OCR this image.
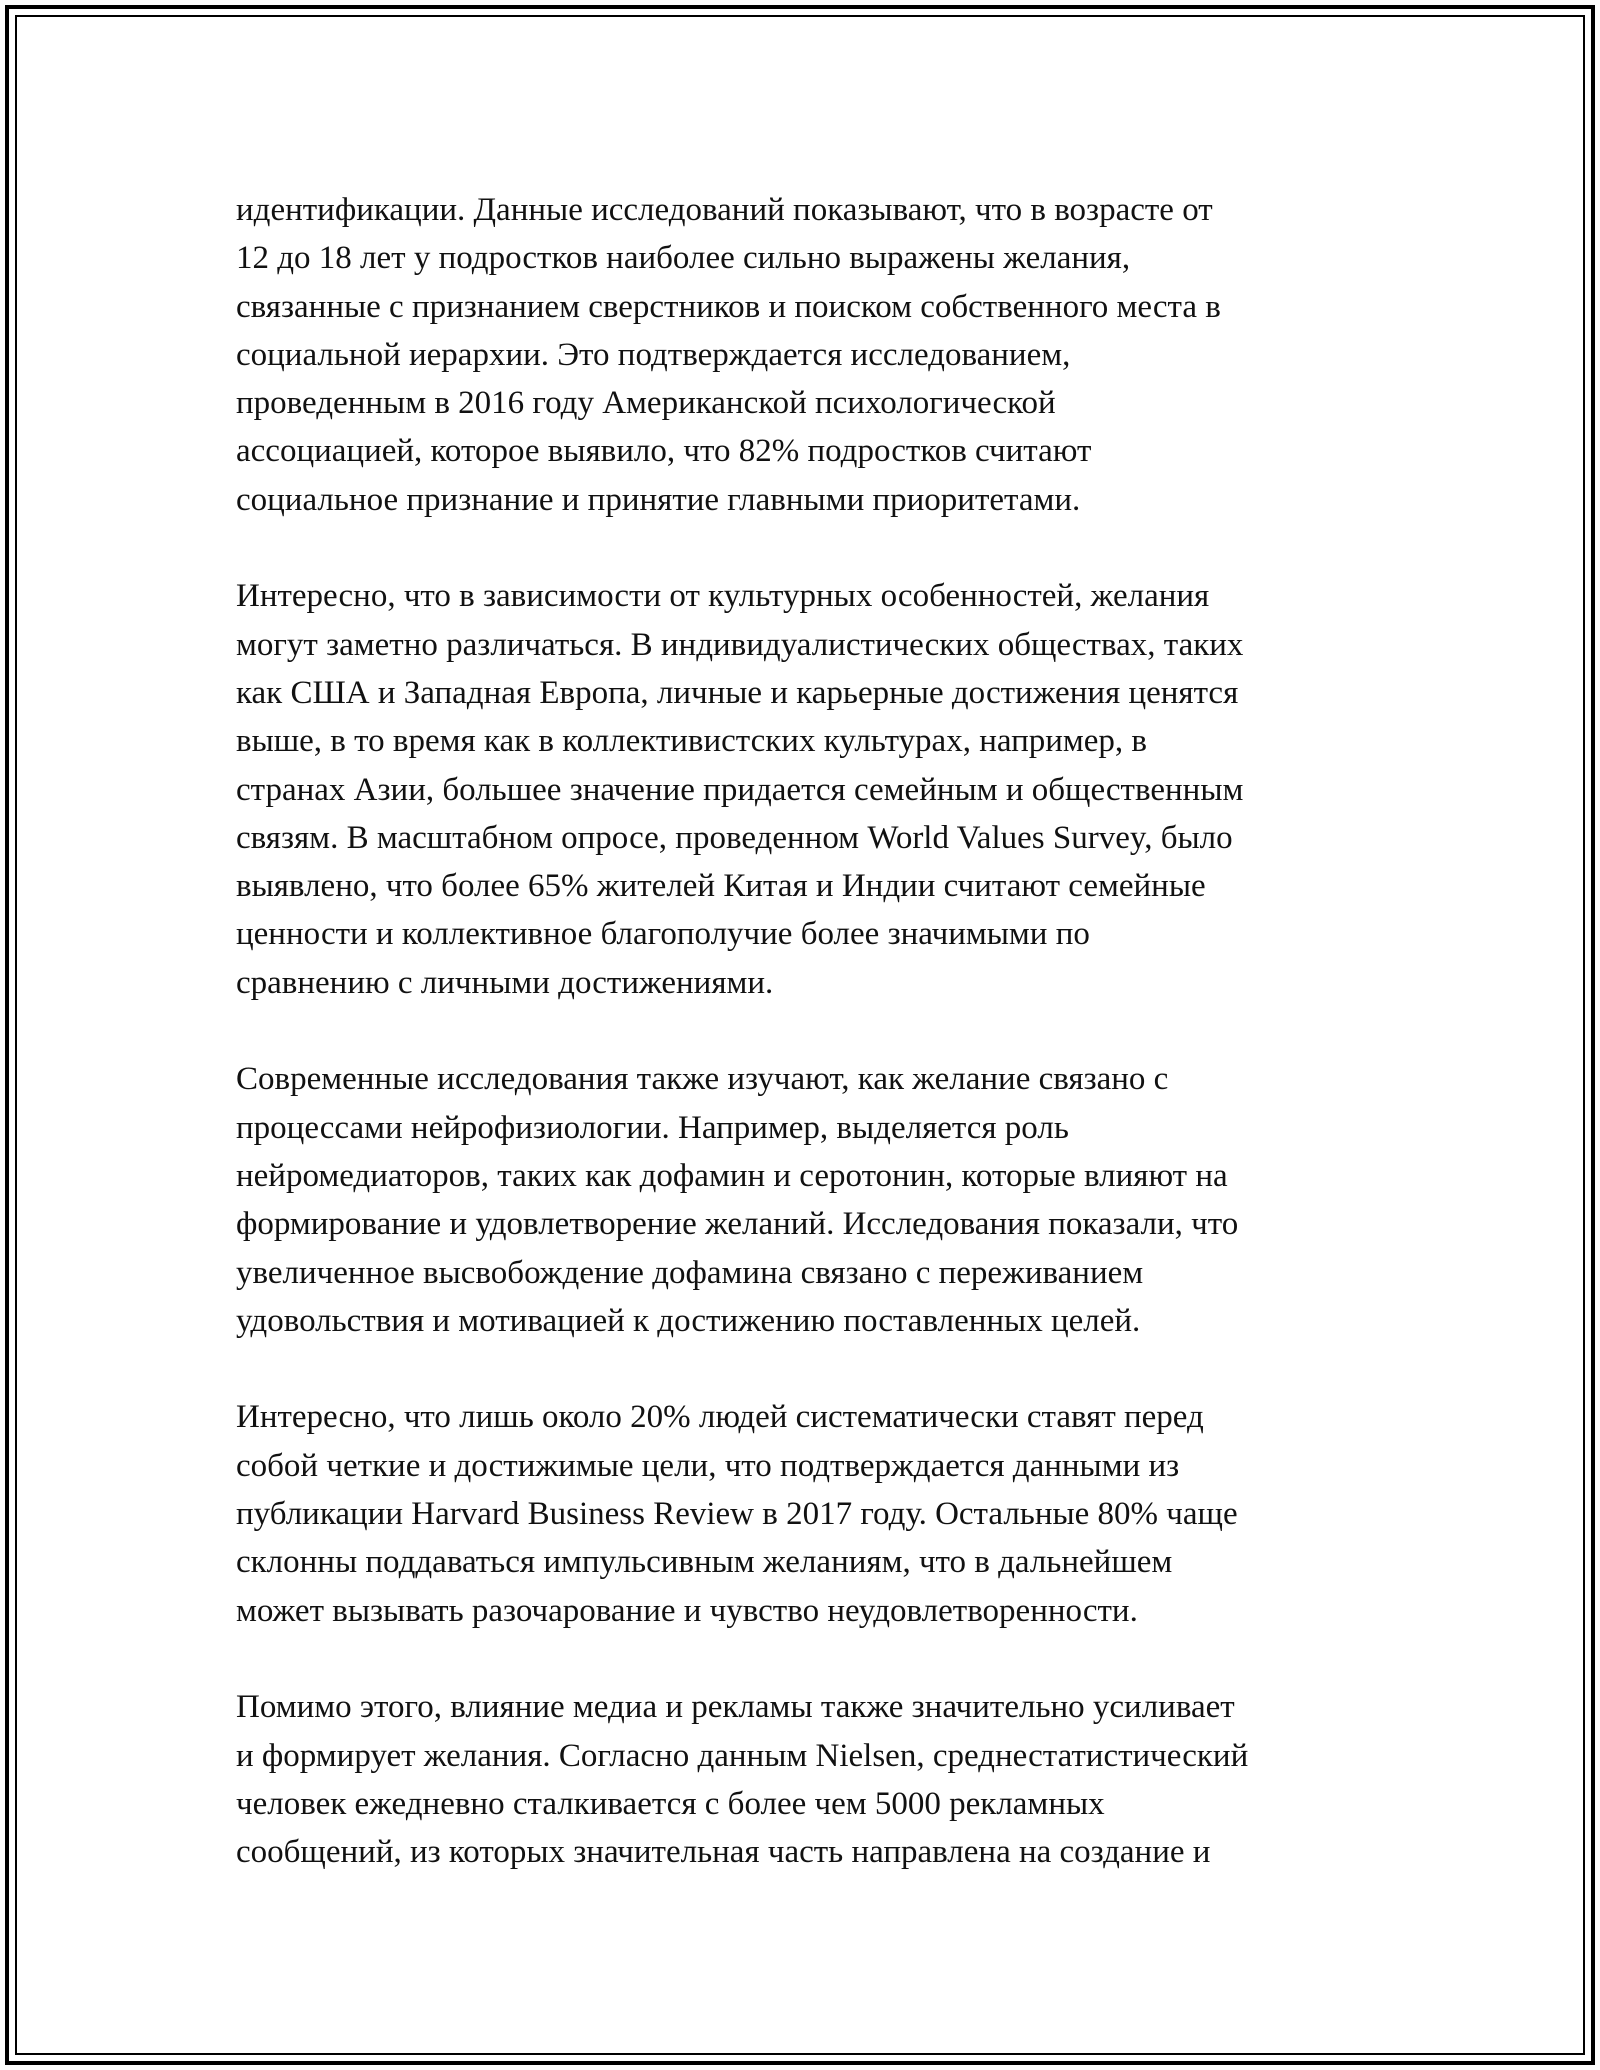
идентификации. Данные исследований показывают, что в возрасте от
12 до 18 лет у подростков наиболее сильно выражены желания,
связанные с признанием сверстников и поиском собственного места в
социальной иерархии. Это подтверждается исследованием,
проведенным в 2016 году Американской психологической
ассоциацией, которое выявило, что 82% подростков считают
социальное признание и принятие главными приоритетами.

Интересно, что в зависимости от культурных особенностей, желания
могут заметно различаться. В индивидуалистических обществах, таких
как США и Западная Европа, личные и карьерные достижения ценятся
выше, в то время как в коллективистских культурах, например, в
странах Азии, большее значение придается семейным и общественным
связям. В масштабном опросе, проведенном World Values Survey, было
выявлено, что более 65% жителей Китая и Индии считают семейные
ценности и коллективное благополучие более значимыми по
сравнению с личными достижениями.

Современные исследования также изучают, как желание связано с
процессами нейрофизиологии. Например, выделяется роль
нейромедиаторов, таких как дофамин и серотонин, которые влияют на
формирование и удовлетворение желаний. Исследования показали, что
увеличенное высвобождение дофамина связано с переживанием
удовольствия и мотивацией к достижению поставленных целей.

Интересно, что лишь около 20% людей систематически ставят перед
собой четкие и достижимые цели, что подтверждается данными из
публикации Harvard Business Review в 2017 году. Остальные 80% чаще
склонны поддаваться импульсивным желаниям, что в дальнейшем
может вызывать разочарование и чувство неудовлетворенности.

Помимо этого, влияние медиа и рекламы также значительно усиливает
и формирует желания. Согласно данным Nielsen, среднестатистический
человек ежедневно сталкивается с более чем 5000 рекламных
сообщений, из которых значительная часть направлена на создание и
